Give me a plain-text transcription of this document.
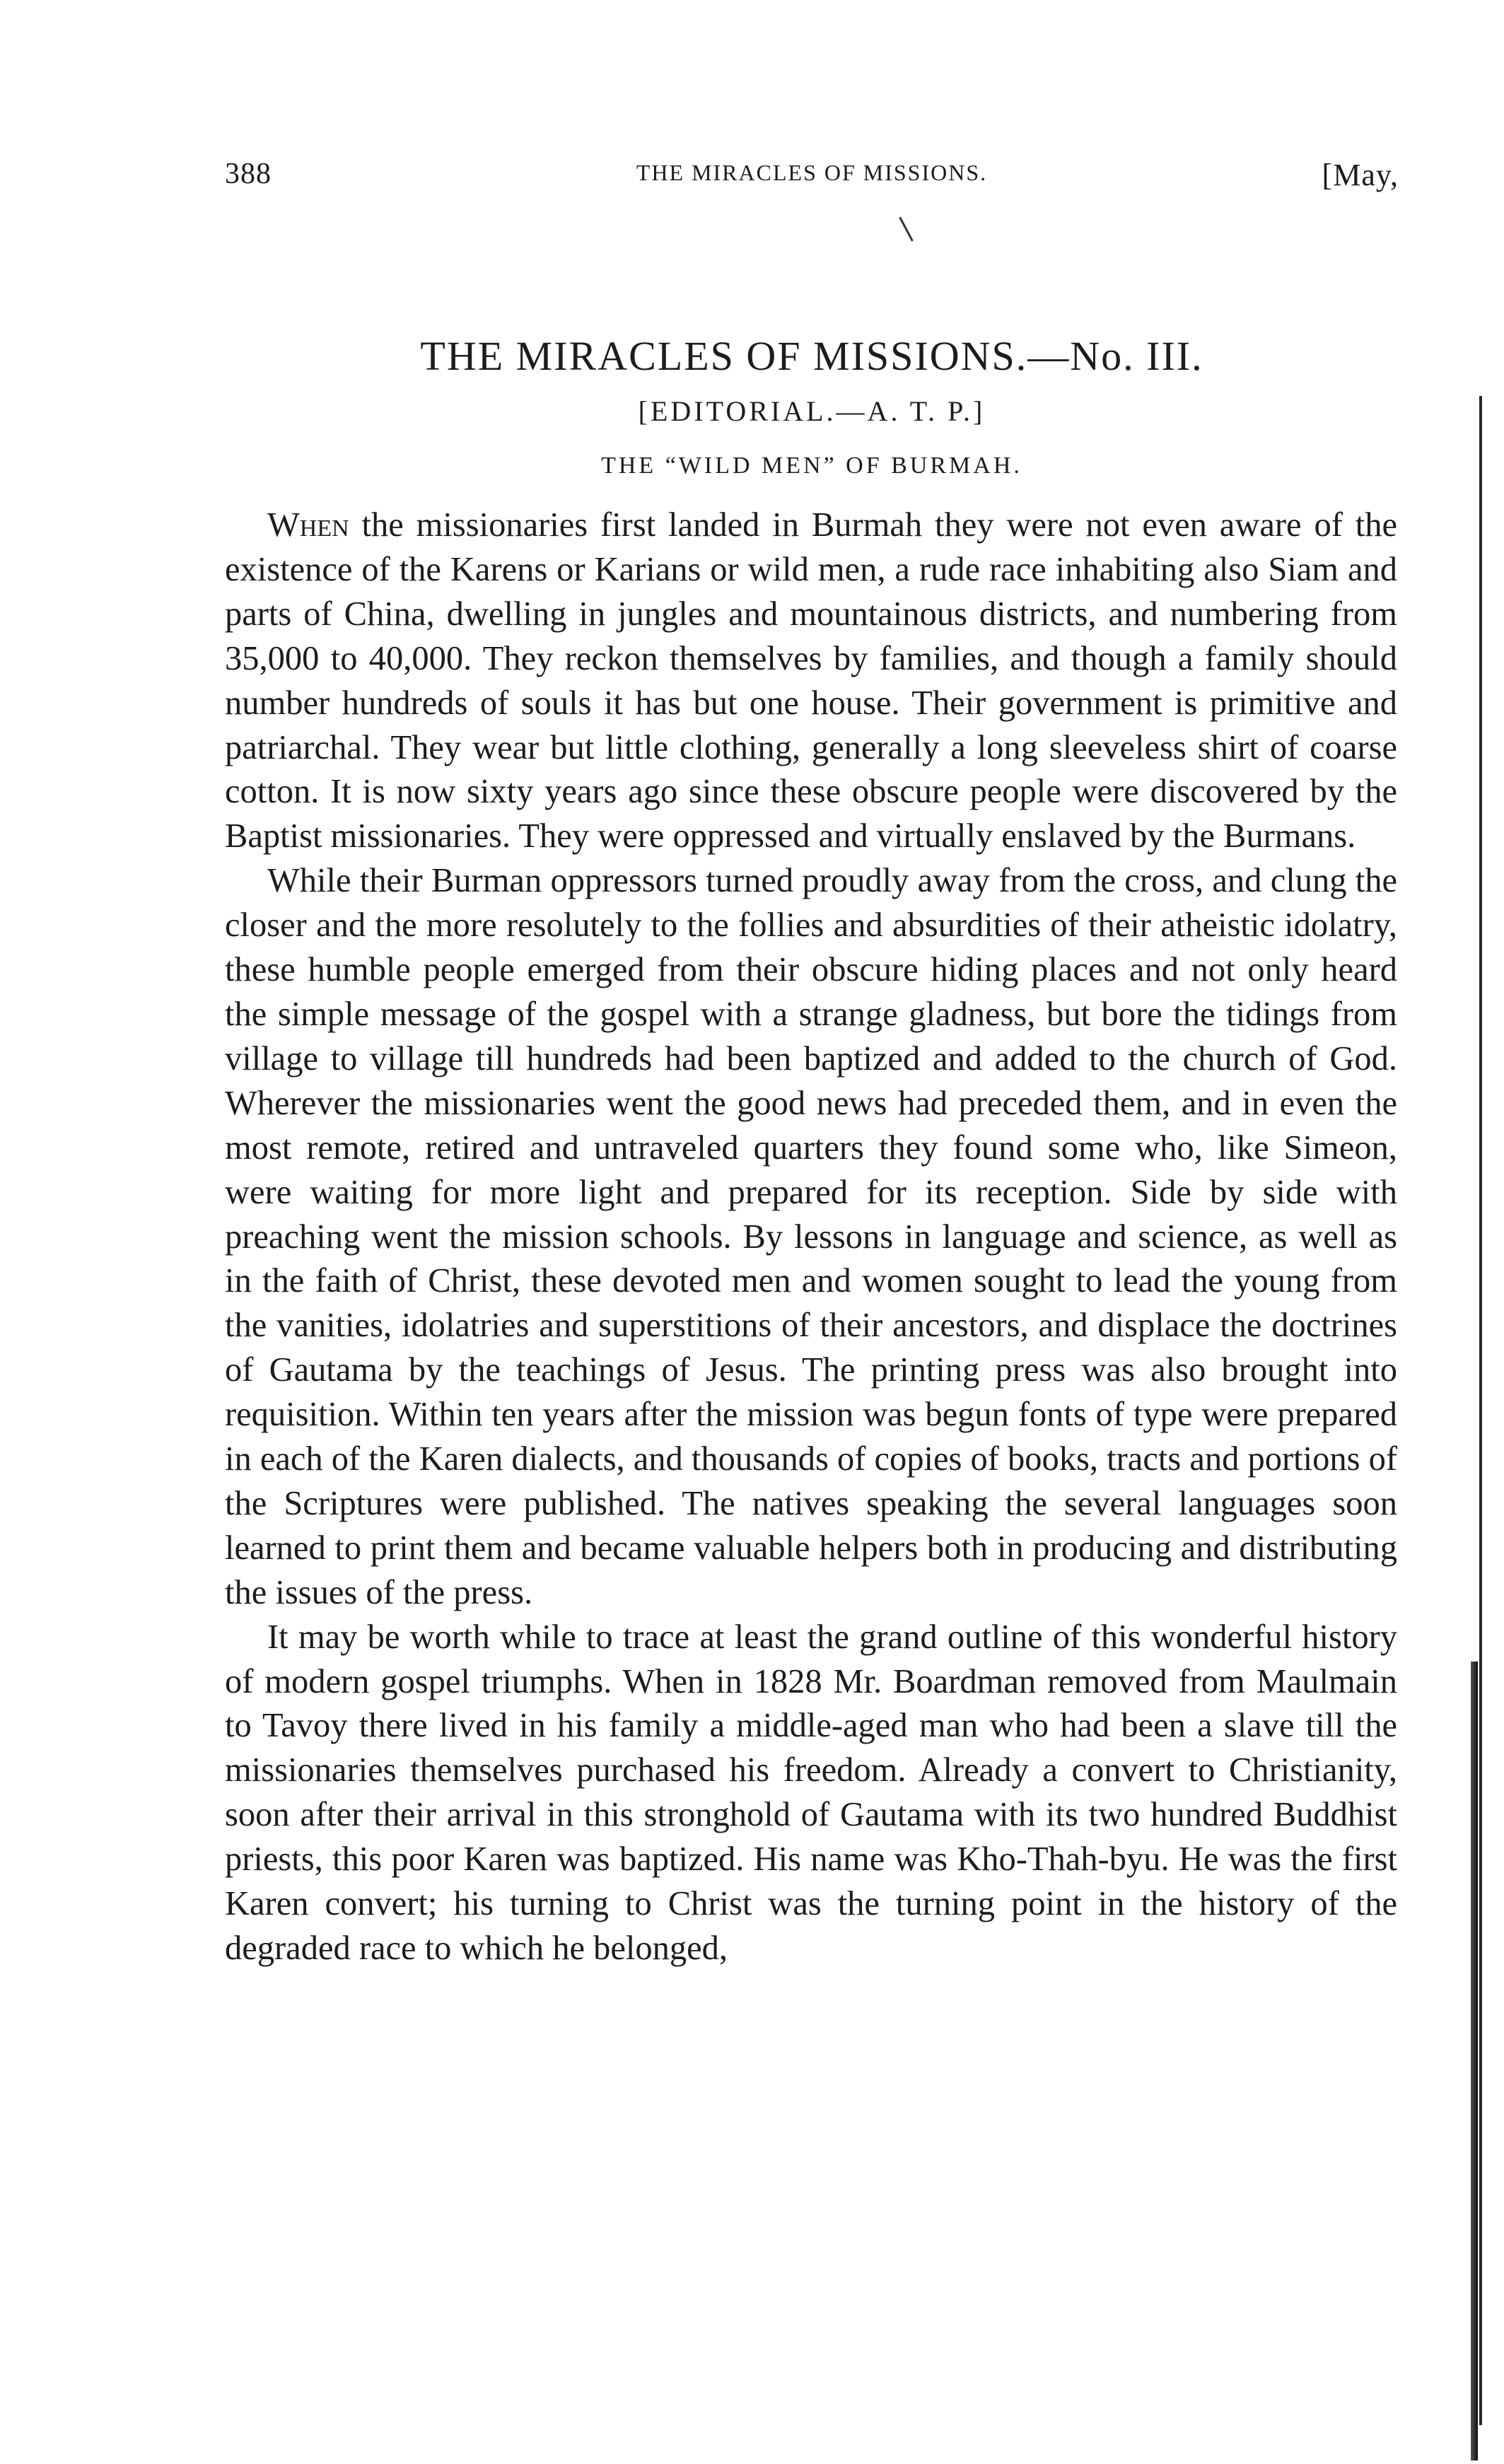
388	THE MIRACLES OF MISSIONS.	[May,
THE MIRACLES OF MISSIONS.—No. III.
[EDITORIAL.—A. T. P.]
THE “WILD MEN” OF BURMAH.

When the missionaries first landed in Burmah they were not even aware of the existence of the Karens or Karians or wild men, a rude race inhabiting also Siam and parts of China, dwelling in jungles and mountainous districts, and numbering from 35,000 to 40,000. They reckon themselves by families, and though a family should number hundreds of souls it has but one house. Their government is primitive and patriarchal. They wear but little clothing, generally a long sleeveless shirt of coarse cotton. It is now sixty years ago since these obscure people were discovered by the Baptist missionaries. They were oppressed and virtually enslaved by the Burmans.

While their Burman oppressors turned proudly away from the cross, and clung the closer and the more resolutely to the follies and absurdities of their atheistic idolatry, these humble people emerged from their obscure hiding places and not only heard the simple message of the gospel with a strange gladness, but bore the tidings from village to village till hundreds had been baptized and added to the church of God. Wherever the missionaries went the good news had preceded them, and in even the most remote, retired and untraveled quarters they found some who, like Simeon, were waiting for more light and prepared for its reception. Side by side with preaching went the mission schools. By lessons in language and science, as well as in the faith of Christ, these devoted men and women sought to lead the young from the vanities, idolatries and superstitions of their ancestors, and displace the doctrines of Gautama by the teachings of Jesus. The printing press was also brought into requisition. Within ten years after the mission was begun fonts of type were prepared in each of the Karen dialects, and thousands of copies of books, tracts and portions of the Scriptures were published. The natives speaking the several languages soon learned to print them and became valuable helpers both in producing and distributing the issues of the press.

It may be worth while to trace at least the grand outline of this wonderful history of modern gospel triumphs. When in 1828 Mr. Boardman removed from Maulmain to Tavoy there lived in his family a middle-aged man who had been a slave till the missionaries themselves purchased his freedom. Already a convert to Christianity, soon after their arrival in this stronghold of Gautama with its two hundred Buddhist priests, this poor Karen was baptized. His name was Kho-Thah-byu. He was the first Karen convert; his turning to Christ was the turning point in the history of the degraded race to which he belonged,
